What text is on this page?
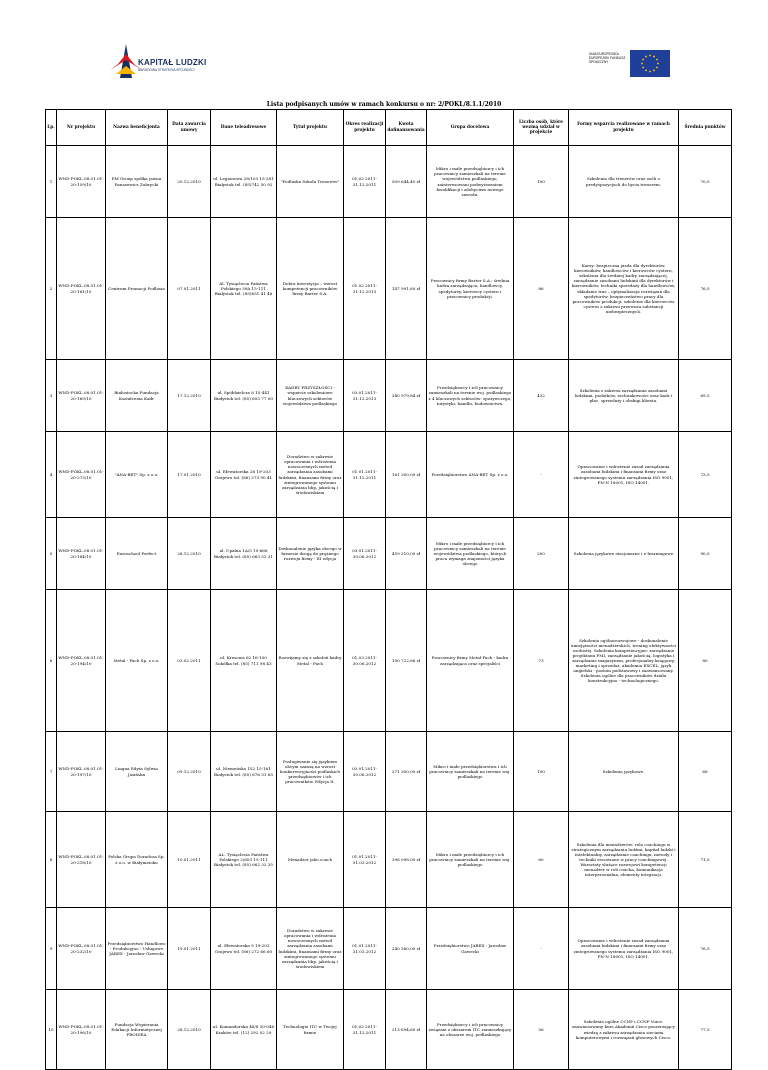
KAPITAŁ LUDZKI
NARODOWA STRATEGIA SPÓJNOŚCI
UNIA EUROPEJSKA EUROPEJSKI FUNDUSZ SPOŁECZNY
Lista podpisanych umów w ramach konkursu o nr: 2/POKL/8.1.1/2010
Lp.	Nr projektu	Nazwa beneficjenta	Data zawarcia umowy	Dane teleadresowe	Tytuł projektu	Okres realizacji projektu	Kwota dofinansowania	Grupa docelowa	Liczba osób, które wezmą udział w projekcie	Formy wsparcia realizowane w ramach projektu	Średnia punktów
1	WND-POKL.08.01.01-20-159/10	PM Group spółka jawna Panasewicz Zubrycki	20.12.2010	ul. Legionowa 28/103 15-281 Białystok tel. (85)742 50 92	"Podlaska Szkoła Trenerów"	01.02.2011-31.12.2011	509 644,40 zł	Mikro i małe przedsiębiorcy i ich pracownicy zamieszkali na terenie województwa podlaskiego, zainteresowani podwyższeniem kwalifikacji i zdobyciem nowego zawodu.	100	Szkolenia dla trenerów oraz osób o predyspozycjach do bycia trenerem.	70,5
2	WND-POKL.08.01.01-20-161/10	Centrum Promocji Podlasia	07.01.2011	Al. Tysiąclecia Państwa Polskiego 39A 15-111 Białystok tel. (85)651 41 46	Dobra inwestycja – wzrost kompetencji pracowników firmy Barter S.A.	01.02.2011-31.12.2013	147 991,60 zł	Pracownicy firmy Barter S.A.: średnia kadra zarządzająca, handlowcy, spedytorzy, kierowcy cystern i pracownicy produkcji.	86	Kursy: bezpieczna jazda dla dyrektorów, kierowników, handlowców i kierowców cystern, szkolenia dla średniej kadry zarządzającej, zarządzanie zasobami ludzkimi dla dyrektorów i kierowników, techniki sprzedaży dla handlowców, składanie tras – optymalizacja rozwiązań dla spedytorów, bezpieczeństwo pracy dla pracowników produkcji, szkolenie dla kierowców cystern z zakresu przewozu substancji niebezpiecznych.	76,5
3	WND-POKL.08.01.01-20-169/10	Białostocka Fundacja Kształcenia Kadr	17.12.2010	ul. Spółdzielcza 8 15-441 Białystok tel. (85) 653 77 00	KADRY PRZYSZŁOŚCI - wsparcie szkoleniowe kluczowych sektorów województwa podlaskiego	03.01.2011-31.12.2013	340 979,84 zł	Przedsiębiorcy i ich pracownicy zamieszkali na terenie woj. podlaskiego z 4 kluczowych sektorów: spożywczego, turystyki, handlu, budownictwa.	432	Szkolenia z zakresu zarządzania zasobami ludzkimi, podatków, rachunkowości oraz kadr i płac, sprzedaży i obsługi klienta.	69,5
4	WND-POKL.08.01.01-20-273/10	"ANA-BET" Sp. z o.o.	17.01.2010	ul. Ełewatorska 26 19-203 Grajewo tel. (86) 273 90 41	Doradztwo w zakresie opracowania i wdrożenia nowoczesnych metod zarządzania zasobami ludzkimi, finansami firmy oraz zintegrowanego systemu zarządzania bhp, jakością i środowiskiem	01.01.2011-31.12.2011	161 300,00 zł	Przedsiębiorstwo ANA-BET Sp. z o.o.	-	Opracowanie i wdrożenie zasad zarządzania zasobami ludzkimi i finansami firmy oraz zintegrowanego systemu zarządzania ISO 9001, PN-N 18001, ISO 14001.	73,5
5	WND-POKL.08.01.01-20-184/10	Euroschool Perfect	28.12.2010	ul. Upalna 1A/5 15-668 Białystok tel. (85) 663 53 31	Doskonalenie języka obcego w biznesie drogą do prężnego rozwoju firmy - III edycja	03.01.2011-30.06.2012	459 210,00 zł	Mikro i małe przedsiębiorcy i ich pracownicy zamieszkali na terenie województwa podlaskiego, których praca wymaga znajomości języka obcego	200	Szkolenia językowe stacjonarne i e-learningowe	90,5
6	WND-POKL.08.01.01-20-194/10	Metal - Fach Sp. z o.o.	03.02.2011	ul. Kresowa 62 16-100 Sokółka tel. (85) 711 98 43	Rozwijamy się z szkoleń kadry Metal - Fach	01.03.2011-30.06.2012	190 722,66 zł	Pracownicy firmy Metal-Fach - kadra zarządzająca oraz specjaliści	73	Szkolenia ogólnorozwojowe - doskonalenie umiejętności menadżerskich, trening efektywności osobistej. Szkolenia kompetencyjne: zarządzanie projektami PMI, zarządzanie jakością, logistyka i zarządzanie magazynem, profesjonalny księgowy, marketing i sprzedaż, akademia EXCEL, język angielski - poziom podstawowy i zaawansowany. Szkolenia ogólne dla pracowników działu konstrukcyjno - technologicznego.	80
7	WND-POKL.08.01.01-20-197/10	Lingua Edyta Sylwia Jasińska	09.12.2010	ul. Niemeńska 152 15-161 Białystok tel. (85) 676 31 65	Posługiwanie się językiem obcym szansą na wzrost konkurencyjności podlaskich przedsiębiorstw i ich pracowników. Edycja II.	03.01.2011-30.06.2012	271 300,00 zł	Mikro i małe przedsiębiorstwa i ich pracownicy zamieszkali na terenie woj. podlaskiego	100	Szkolenia językowe.	68
8	WND-POKL.08.01.01-20-218/10	Polska Grupa Doradcza Sp. z o.o. w Białymstoku	10.01.2011	AL. Tysiąclecia Państwa Polskiego 2/603 15-111 Białystok tel. (85) 662 32 35	Menadżer jako coach	01.01.2011-31.03.2012	396 098,00 zł	Mikro i małe przedsiębiorcy i ich pracownicy zamieszkali na terenie woj. podlaskiego	60	Szkolenia dla menadżerów: rola coachingu w strategicznym zarządzaniu ludźmi, kapitał ludzki i intelektualny, zarządzanie coachingu, metody i techniki stosowane w pracy coachingowej. Warsztaty służące rozwojowi kompetencji menadżer w roli coacha, komunikacja interpersonalna, elementy integracji.	71,5
9	WND-POKL.08.01.01-20-232/10	Przedsiębiorstwo Handlowo - Produkcyjno - Usługowe JAREX - Jarosław Gawecki	19.01.2011	ul. Ełewatorska 9 19-203 Grajewo tel. (86) 272 66 60	Doradztwo w zakresie opracowania i wdrożenia nowoczesnych metod zarządzania zasobami ludzkimi, finansami firmy oraz zintegrowanego systemu zarządzania bhp, jakością i środowiskiem	01.01.2011-31.03.2012	240 560,00 zł	Przedsiębiorstwo JAREX - Jarosław Gawecki	-	Opracowanie i wdrożenie zasad zarządzania zasobami ludzkimi i finansami firmy oraz zintegrowanego systemu zarządzania ISO 9001, PN-N 18001, ISO 14001.	76,5
10	WND-POKL.08.01.01-20-196/10	Fundacja Wspierania Edukacji Informatycznej PROIDEA	28.12.2010	ul. Komandorska 48/8 30-046 Kraków tel. (12) 292 02 29	Technologie ITC w Twojej firmie	01.02.2011-31.12.2011	213 694,60 zł	Przedsiębiorcy i ich pracownicy związani z obszarem ITC zamieszkujący na obszarze woj. podlaskiego	56	Szkolenia ogólne CCNP i CCNP Voice: zaawansowany kurs Akademii Cisco poszerzający wiedzę z zakresu zarządzania sieciami komputerowymi i rozwiązań głosowych Cisco.	77,5
